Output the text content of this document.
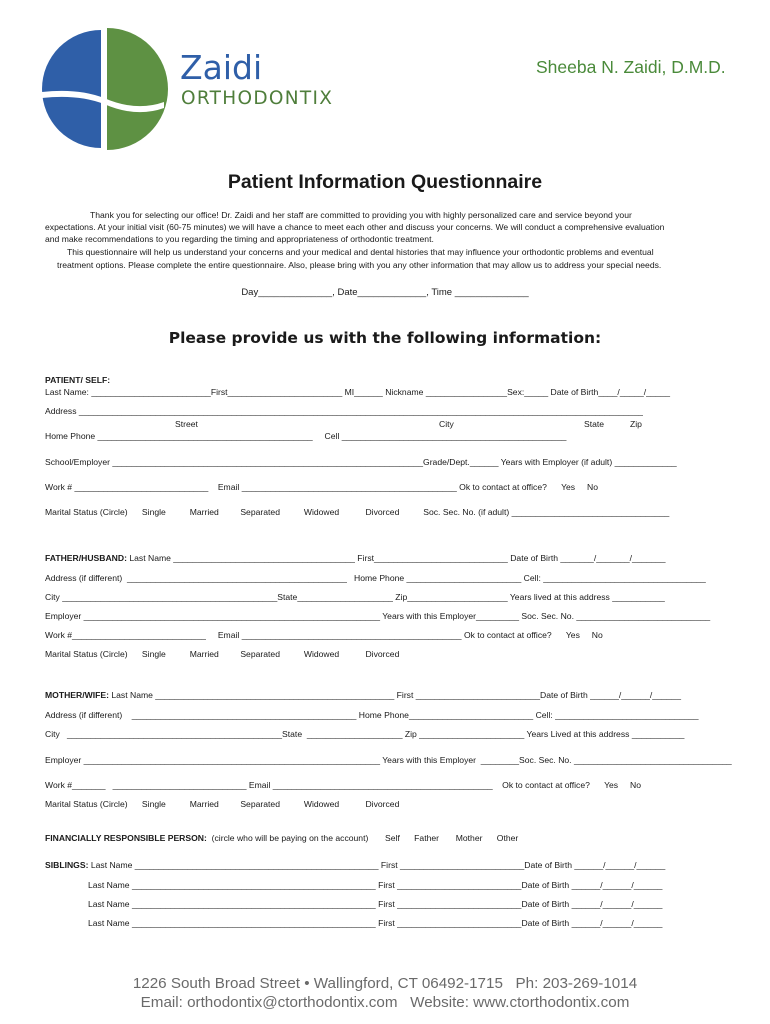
Zaidi
ORTHODONTIX
Sheeba N. Zaidi, D.M.D.
Patient Information Questionnaire
Thank you for selecting our office! Dr. Zaidi and her staff are committed to providing you with highly personalized care and service beyond your
expectations. At your initial visit (60-75 minutes) we will have a chance to meet each other and discuss your concerns. We will conduct a comprehensive evaluation
and make recommendations to you regarding the timing and appropriateness of orthodontic treatment.
This questionnaire will help us understand your concerns and your medical and dental histories that may influence your orthodontic problems and eventual
treatment options. Please complete the entire questionnaire. Also, please bring with you any other information that may allow us to address your special needs.
Day______________, Date_____________, Time ______________
Please provide us with the following information:
PATIENT/ SELF:
Last Name: _________________________First________________________ MI______ Nickname _________________Sex:_____ Date of Birth____/_____/_____
Address ______________________________________________________________________________________________________________________
Street	City	State	Zip
Home Phone _____________________________________________     Cell _______________________________________________
School/Employer _________________________________________________________________Grade/Dept.______ Years with Employer (if adult) _____________
Work # ____________________________    Email _____________________________________________ Ok to contact at office?      Yes     No
Marital Status (Circle)      Single          Married         Separated          Widowed           Divorced          Soc. Sec. No. (if adult) _________________________________
FATHER/HUSBAND: Last Name ______________________________________ First____________________________ Date of Birth _______/_______/_______
Address (if different)  ______________________________________________   Home Phone ________________________ Cell: __________________________________
City _____________________________________________State____________________ Zip_____________________ Years lived at this address ___________
Employer ______________________________________________________________ Years with this Employer_________ Soc. Sec. No. ____________________________
Work #____________________________     Email ______________________________________________ Ok to contact at office?      Yes     No
Marital Status (Circle)      Single          Married         Separated          Widowed           Divorced
MOTHER/WIFE: Last Name __________________________________________________ First __________________________Date of Birth ______/______/______
Address (if different)    _______________________________________________ Home Phone__________________________ Cell: ______________________________
City   _____________________________________________State  ____________________ Zip ______________________ Years Lived at this address ___________
Employer ______________________________________________________________ Years with this Employer  ________Soc. Sec. No. _________________________________
Work #_______   ____________________________ Email ______________________________________________    Ok to contact at office?      Yes     No
Marital Status (Circle)      Single          Married         Separated          Widowed           Divorced
FINANCIALLY RESPONSIBLE PERSON:  (circle who will be paying on the account)       Self      Father       Mother      Other
SIBLINGS: Last Name ___________________________________________________ First __________________________Date of Birth ______/______/______
Last Name ___________________________________________________ First __________________________Date of Birth ______/______/______
Last Name ___________________________________________________ First __________________________Date of Birth ______/______/______
Last Name ___________________________________________________ First __________________________Date of Birth ______/______/______
1226 South Broad Street • Wallingford, CT 06492-1715   Ph: 203-269-1014
Email: orthodontix@ctorthodontix.com   Website: www.ctorthodontix.com
